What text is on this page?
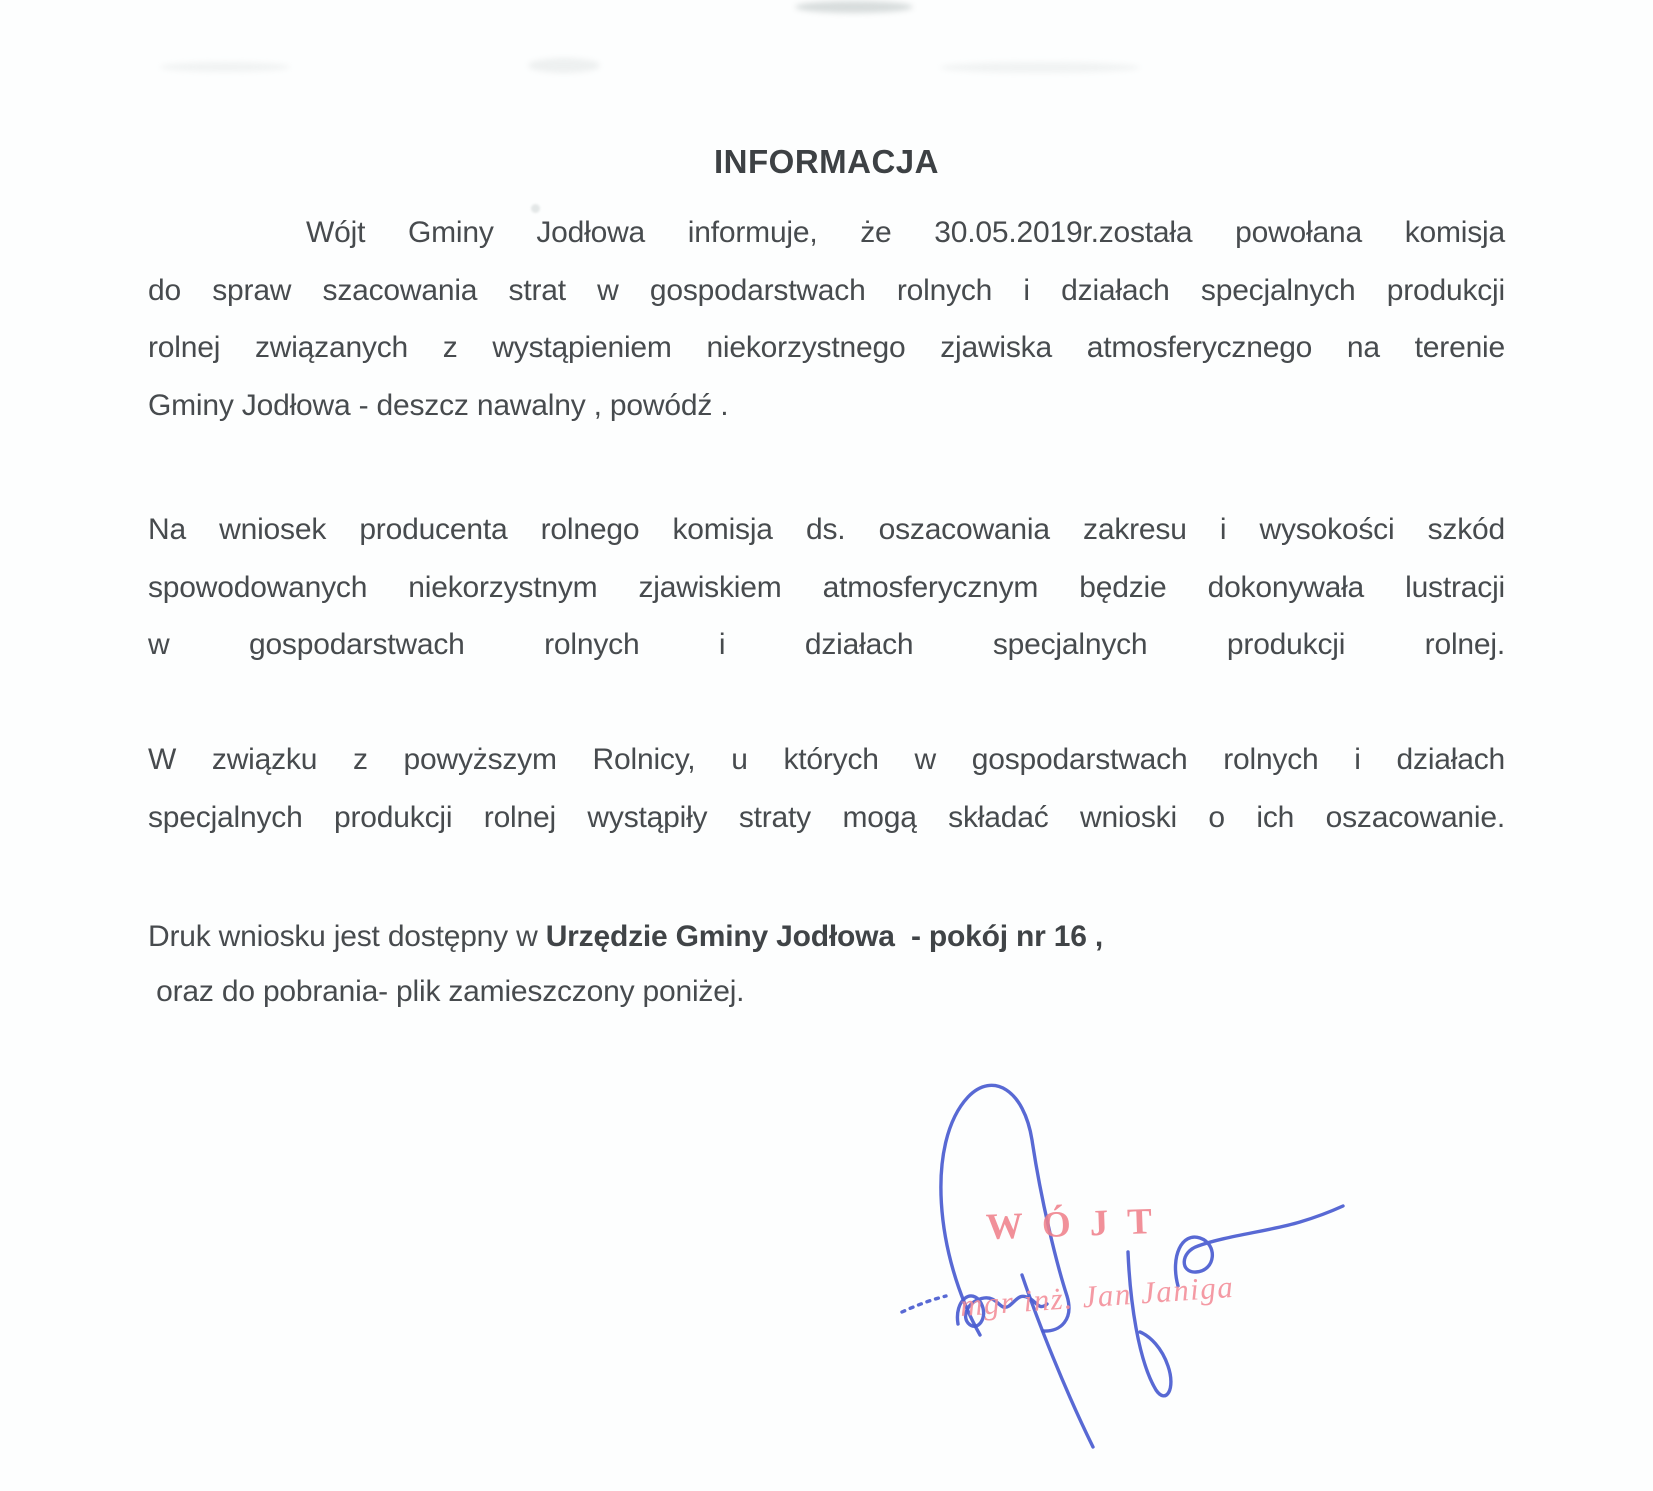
INFORMACJA
Wójt Gminy Jodłowa informuje, że 30.05.2019r.została powołana komisja
do spraw szacowania strat w gospodarstwach rolnych i działach specjalnych produkcji
rolnej związanych z wystąpieniem niekorzystnego zjawiska atmosferycznego na terenie
Gminy Jodłowa - deszcz nawalny , powódź .
Na wniosek producenta rolnego komisja ds. oszacowania zakresu i wysokości szkód
spowodowanych niekorzystnym zjawiskiem atmosferycznym będzie dokonywała lustracji
w gospodarstwach rolnych i działach specjalnych produkcji rolnej.
W związku z powyższym Rolnicy, u których w gospodarstwach rolnych i działach
specjalnych produkcji rolnej wystąpiły straty mogą składać wnioski o ich oszacowanie.
Druk wniosku jest dostępny w Urzędzie Gminy Jodłowa  - pokój nr 16 ,
oraz do pobrania- plik zamieszczony poniżej.
WÓJT
mgr inż. Jan Janiga
